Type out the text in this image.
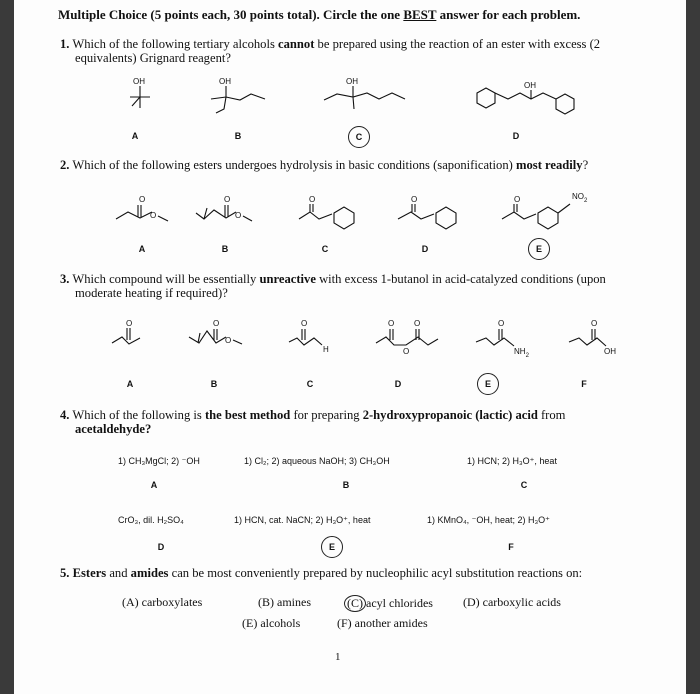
Multiple Choice (5 points each, 30 points total). Circle the one BEST answer for each problem.
1. Which of the following tertiary alcohols cannot be prepared using the reaction of an ester with excess (2
equivalents) Grignard reagent?
OH	OH	OH	OH
A	B	C	D
2. Which of the following esters undergoes hydrolysis in basic conditions (saponification) most readily?
O
O
O
O
O	O	O	$NO_2$
A	B	C	D	E
3. Which compound will be essentially unreactive with excess 1-butanol in acid-catalyzed conditions (upon
moderate heating if required)?
O	O
O
O
H
O O
O
O
$NH_2$
O
OH
A	B	C	D	E	F
4. Which of the following is the best method for preparing 2-hydroxypropanoic (lactic) acid from
acetaldehyde?
1) CH₃MgCl; 2) ⁻OH	1) Cl₂; 2) aqueous NaOH; 3) CH₃OH	1) HCN; 2) H₃O⁺, heat
A	B	C
CrO₃, dil. H₂SO₄	1) HCN, cat. NaCN; 2) H₃O⁺, heat	1) KMnO₄, ⁻OH, heat; 2) H₃O⁺
D	E	F
5. Esters and amides can be most conveniently prepared by nucleophilic acyl substitution reactions on:
(A) carboxylates	(B) amines	(C) acyl chlorides	(D) carboxylic acids
(E) alcohols	(F) another amides
1
